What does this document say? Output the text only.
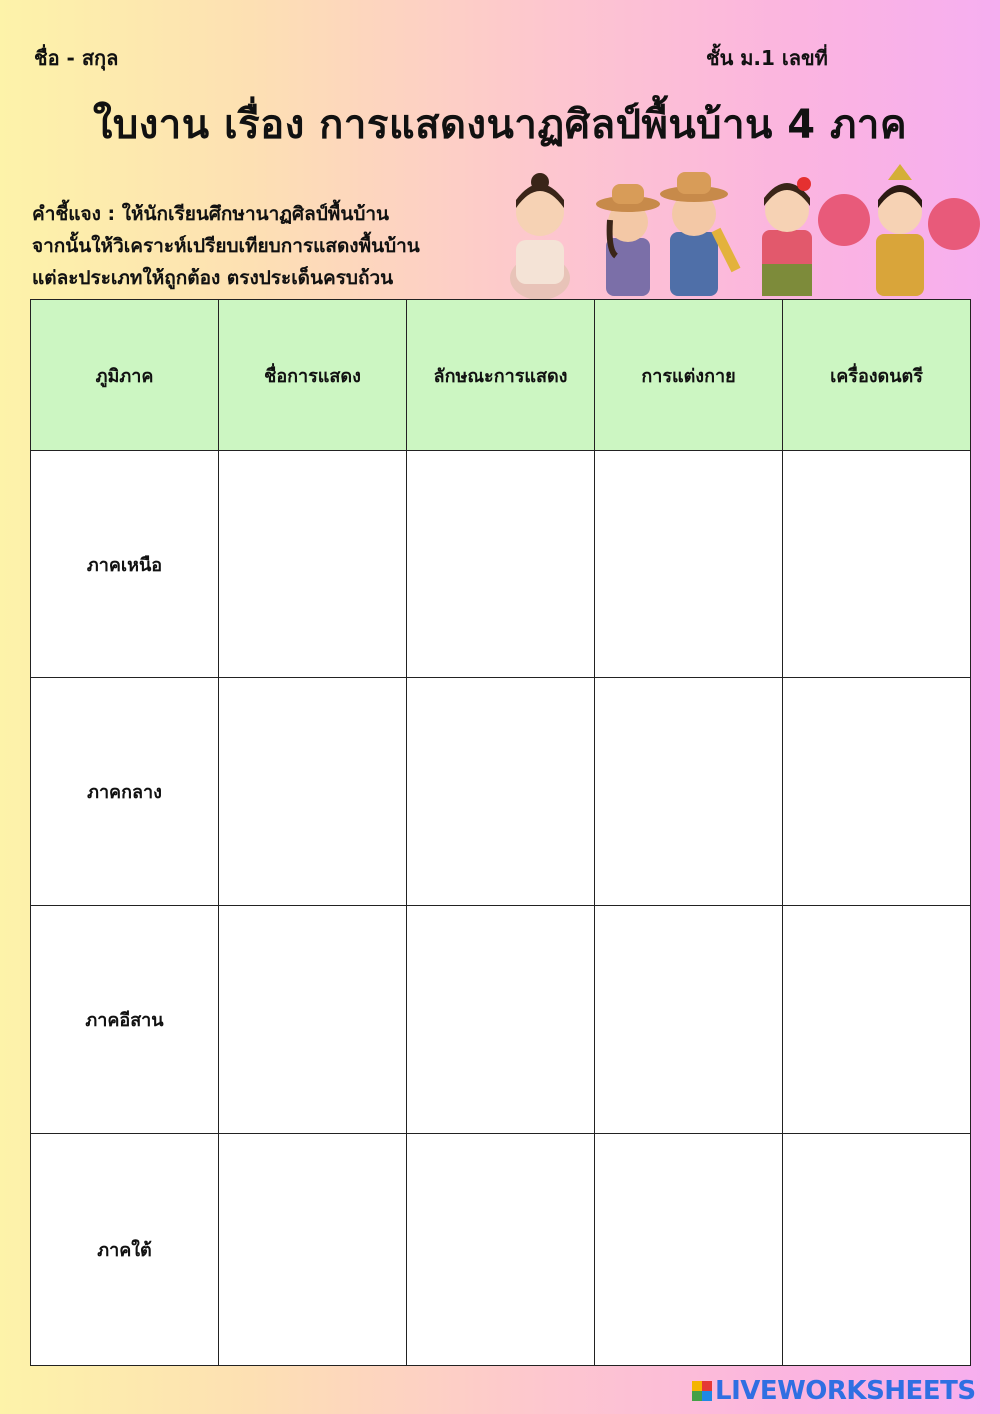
ชื่อ - สกุล	ชั้น ม.1 เลขที่
ใบงาน เรื่อง การแสดงนาฏศิลป์พื้นบ้าน 4 ภาค
คำชี้แจง : ให้นักเรียนศึกษานาฏศิลป์พื้นบ้าน
จากนั้นให้วิเคราะห์เปรียบเทียบการแสดงพื้นบ้าน
แต่ละประเภทให้ถูกต้อง ตรงประเด็นครบถ้วน
ภูมิภาค	ชื่อการแสดง	ลักษณะการแสดง	การแต่งกาย	เครื่องดนตรี
ภาคเหนือ				
ภาคกลาง				
ภาคอีสาน				
ภาคใต้				
LIVEWORKSHEETS
